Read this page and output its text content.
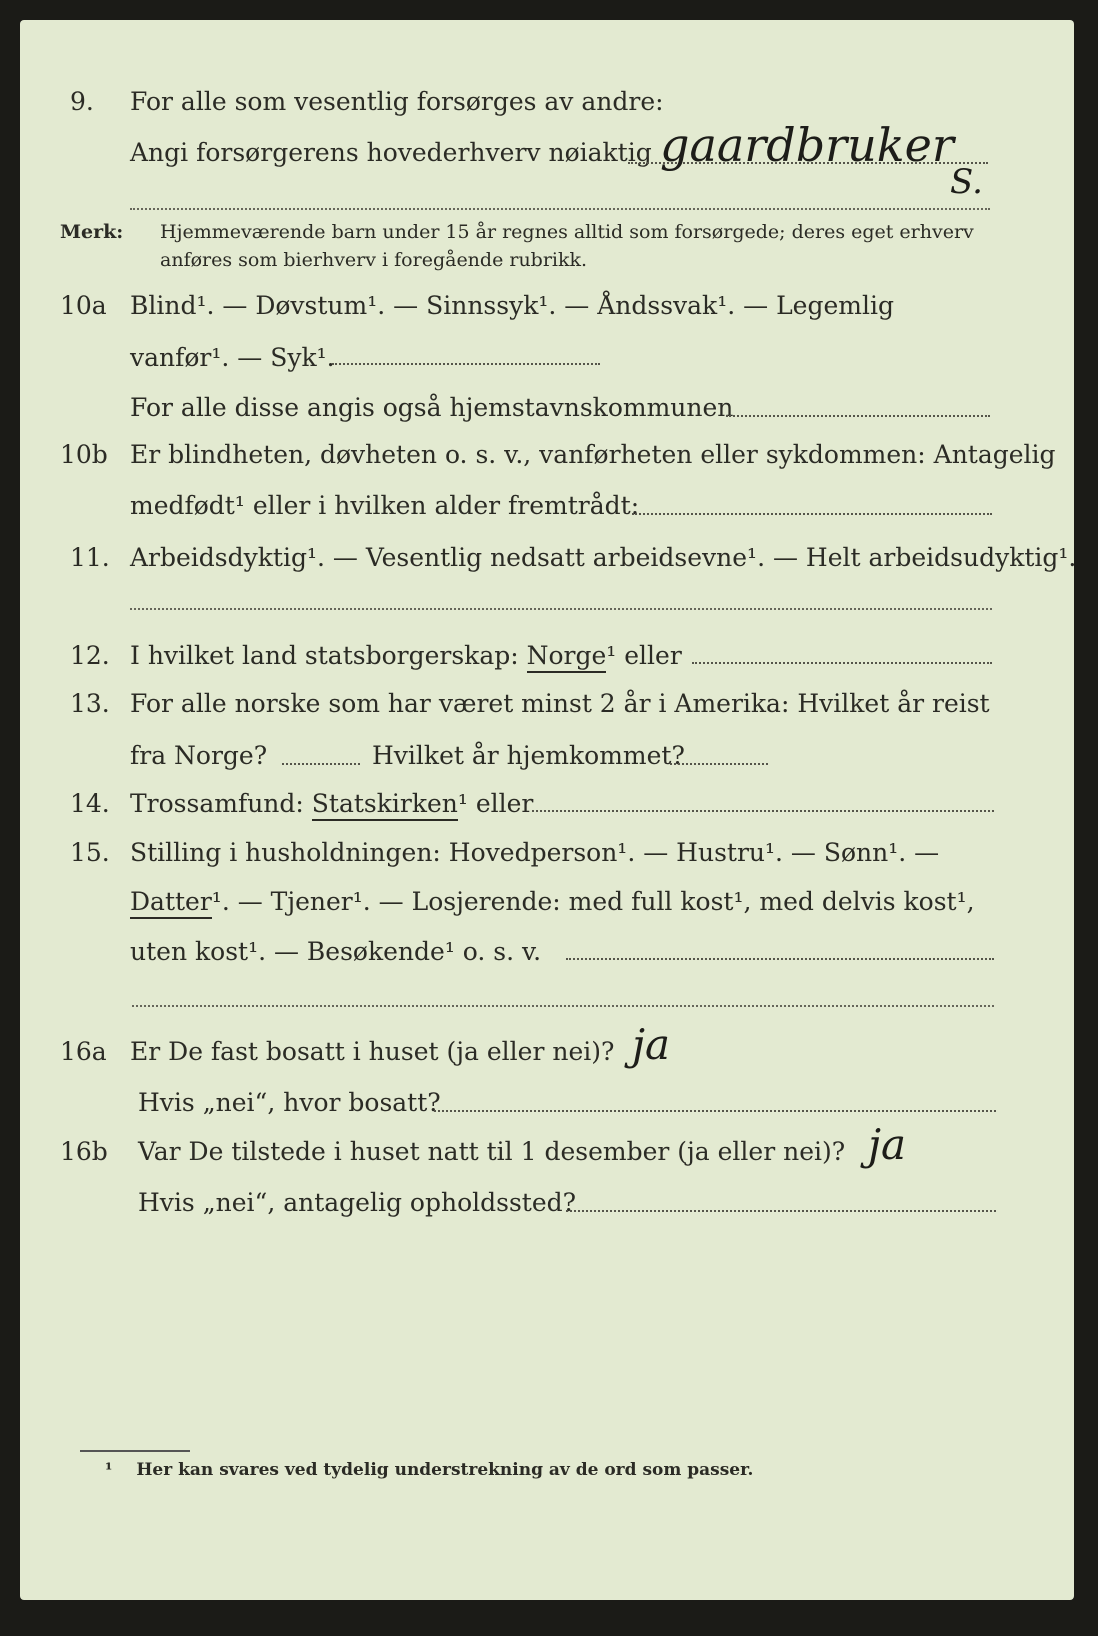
9. For alle som vesentlig forsørges av andre:
Angi forsørgerens hovederhverv nøiaktig gaardbruker
S.
Merk: Hjemmeværende barn under 15 år regnes alltid som forsørgede; deres eget erhverv
anføres som bierhverv i foregående rubrikk.
10a Blind¹. — Døvstum¹. — Sinnssyk¹. — Åndssvak¹. — Legemlig
vanfør¹. — Syk¹.
For alle disse angis også hjemstavnskommunen
10b Er blindheten, døvheten o. s. v., vanførheten eller sykdommen: Antagelig
medfødt¹ eller i hvilken alder fremtrådt:
11. Arbeidsdyktig¹. — Vesentlig nedsatt arbeidsevne¹. — Helt arbeidsudyktig¹.
12. I hvilket land statsborgerskap: Norge¹ eller
13. For alle norske som har været minst 2 år i Amerika: Hvilket år reist
fra Norge?	Hvilket år hjemkommet?
14. Trossamfund: Statskirken¹ eller
15. Stilling i husholdningen: Hovedperson¹. — Hustru¹. — Sønn¹. —
Datter¹. — Tjener¹. — Losjerende: med full kost¹, med delvis kost¹,
uten kost¹. — Besøkende¹ o. s. v.
16a Er De fast bosatt i huset (ja eller nei)? ja
Hvis „nei“, hvor bosatt?
16b Var De tilstede i huset natt til 1 desember (ja eller nei)? ja
Hvis „nei“, antagelig opholdssted?
¹ Her kan svares ved tydelig understrekning av de ord som passer.
